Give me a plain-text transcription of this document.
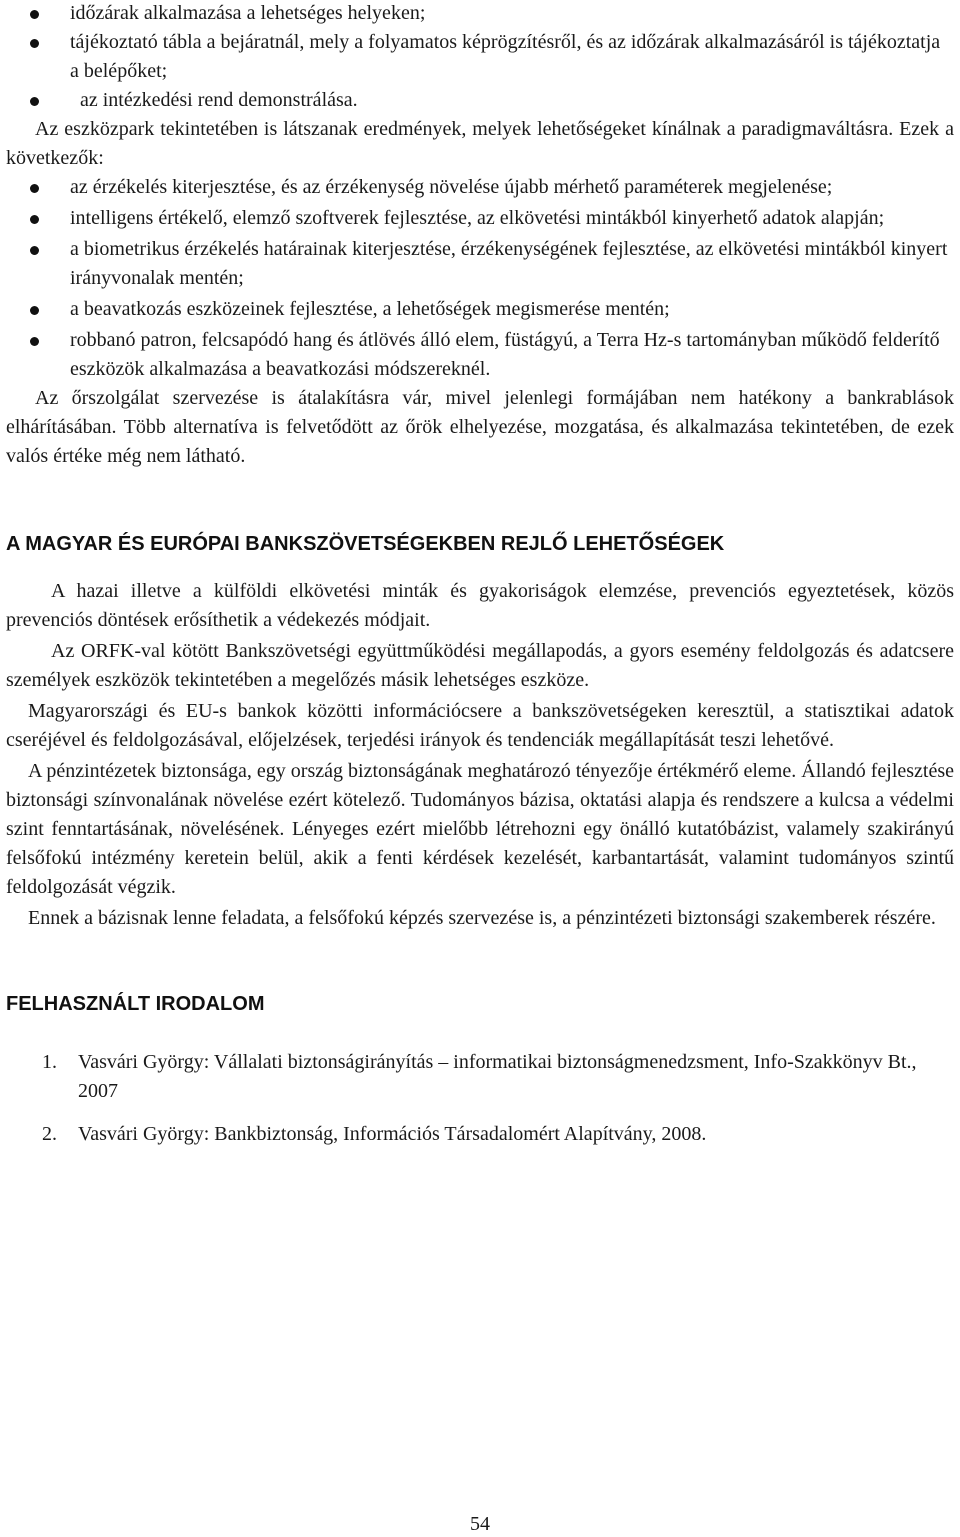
időzárak alkalmazása a lehetséges helyeken;
tájékoztató tábla a bejáratnál, mely a folyamatos képrögzítésről, és az időzárak alkalmazásáról is tájékoztatja a belépőket;
az intézkedési rend demonstrálása.

Az eszközpark tekintetében is látszanak eredmények, melyek lehetőségeket kínálnak a paradigmaváltásra. Ezek a következők:

az érzékelés kiterjesztése, és az érzékenység növelése újabb mérhető paraméterek megjelenése;
intelligens értékelő, elemző szoftverek fejlesztése, az elkövetési mintákból kinyerhető adatok alapján;
a biometrikus érzékelés határainak kiterjesztése, érzékenységének fejlesztése, az elkövetési mintákból kinyert irányvonalak mentén;
a beavatkozás eszközeinek fejlesztése, a lehetőségek megismerése mentén;
robbanó patron, felcsapódó hang és átlövés álló elem, füstágyú, a Terra Hz-s tartományban működő felderítő eszközök alkalmazása a beavatkozási módszereknél.

Az őrszolgálat szervezése is átalakításra vár, mivel jelenlegi formájában nem hatékony a bankrablások elhárításában. Több alternatíva is felvetődött az őrök elhelyezése, mozgatása, és alkalmazása tekintetében, de ezek valós értéke még nem látható.

A MAGYAR ÉS EURÓPAI BANKSZÖVETSÉGEKBEN REJLŐ LEHETŐSÉGEK

A hazai illetve a külföldi elkövetési minták és gyakoriságok elemzése, prevenciós egyeztetések, közös prevenciós döntések erősíthetik a védekezés módjait.

Az ORFK-val kötött Bankszövetségi együttműködési megállapodás, a gyors esemény feldolgozás és adatcsere személyek eszközök tekintetében a megelőzés másik lehetséges eszköze.

Magyarországi és EU-s bankok közötti információcsere a bankszövetségeken keresztül, a statisztikai adatok cseréjével és feldolgozásával, előjelzések, terjedési irányok és tendenciák megállapítását teszi lehetővé.

A pénzintézetek biztonsága, egy ország biztonságának meghatározó tényezője értékmérő eleme. Állandó fejlesztése biztonsági színvonalának növelése ezért kötelező. Tudományos bázisa, oktatási alapja és rendszere a kulcsa a védelmi szint fenntartásának, növelésének. Lényeges ezért mielőbb létrehozni egy önálló kutatóbázist, valamely szakirányú felsőfokú intézmény keretein belül, akik a fenti kérdések kezelését, karbantartását, valamint tudományos szintű feldolgozását végzik.

Ennek a bázisnak lenne feladata, a felsőfokú képzés szervezése is, a pénzintézeti biztonsági szakemberek részére.

FELHASZNÁLT IRODALOM
1. Vasvári György: Vállalati biztonságirányítás – informatikai biztonságmenedzsment, Info-Szakkönyv Bt., 2007
2. Vasvári György: Bankbiztonság, Információs Társadalomért Alapítvány, 2008.
54
